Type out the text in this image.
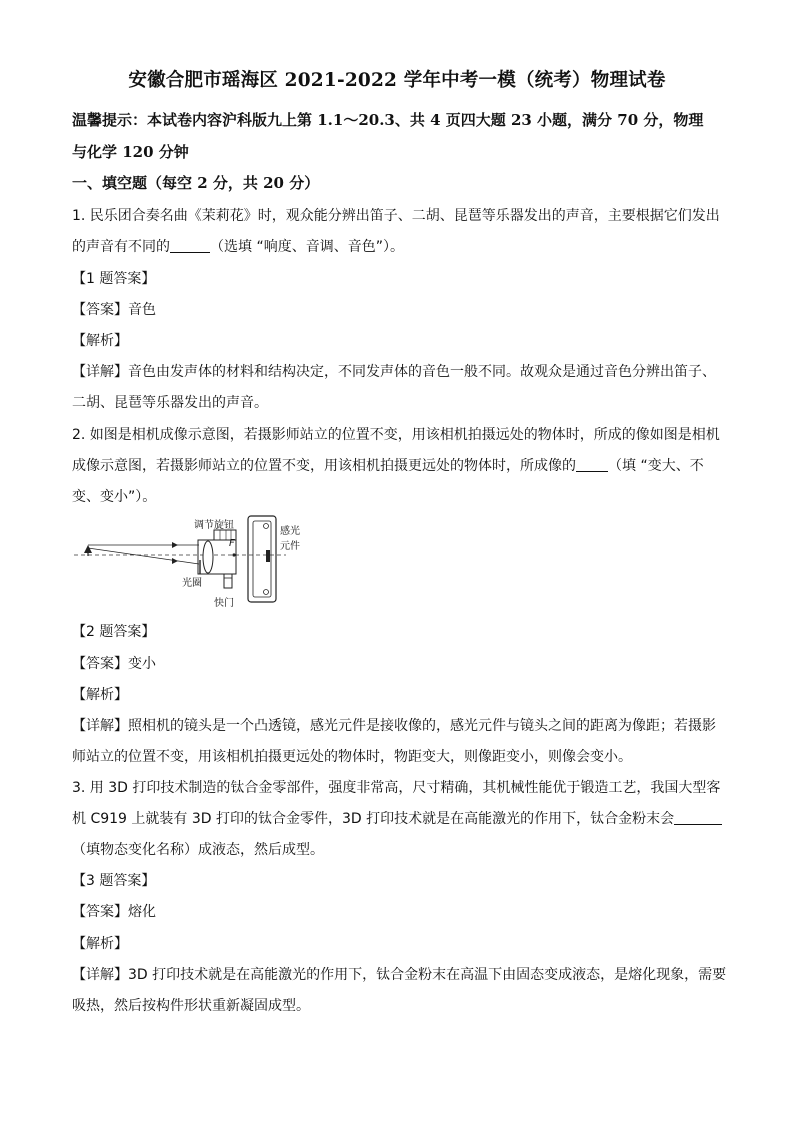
安徽合肥市瑶海区 2021-2022 学年中考一模（统考）物理试卷
温馨提示：本试卷内容沪科版九上第 1.1～20.3、共 4 页四大题 23 小题，满分 70 分，物理
与化学 120 分钟
一、填空题（每空 2 分，共 20 分）
1. 民乐团合奏名曲《茉莉花》时，观众能分辨出笛子、二胡、昆琶等乐器发出的声音，主要根据它们发出
的声音有不同的	（选填 “响度、音调、音色”）。
【1 题答案】
【答案】音色
【解析】
【详解】音色由发声体的材料和结构决定，不同发声体的音色一般不同。故观众是通过音色分辨出笛子、
二胡、昆琶等乐器发出的声音。
2. 如图是相机成像示意图，若摄影师站立的位置不变，用该相机拍摄远处的物体时，所成的像如图是相机
成像示意图，若摄影师站立的位置不变，用该相机拍摄更远处的物体时，所成像的 （填 “变大、不
变、变小”）。
调节旋钮
感光
元件
F
光圈
快门
【2 题答案】
【答案】变小
【解析】
【详解】照相机的镜头是一个凸透镜，感光元件是接收像的，感光元件与镜头之间的距离为像距；若摄影
师站立的位置不变，用该相机拍摄更远处的物体时，物距变大，则像距变小，则像会变小。
3. 用 3D 打印技术制造的钛合金零部件，强度非常高，尺寸精确，其机械性能优于锻造工艺，我国大型客
机 C919 上就装有 3D 打印的钛合金零件，3D 打印技术就是在高能激光的作用下，钛合金粉末会
（填物态变化名称）成液态，然后成型。
【3 题答案】
【答案】熔化
【解析】
【详解】3D 打印技术就是在高能激光的作用下，钛合金粉末在高温下由固态变成液态，是熔化现象，需要
吸热，然后按构件形状重新凝固成型。
